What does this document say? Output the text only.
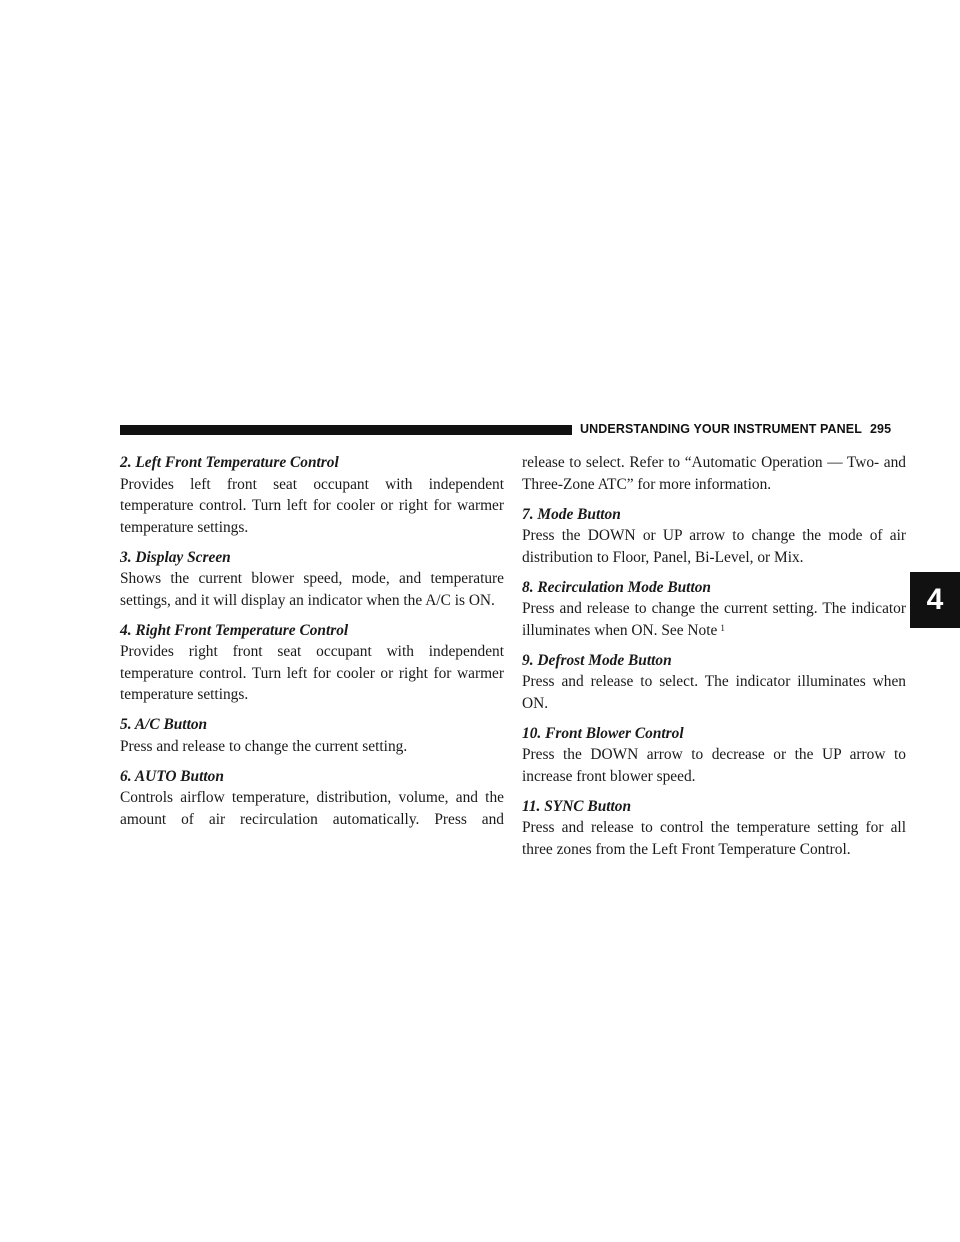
UNDERSTANDING YOUR INSTRUMENT PANEL 295
4
2. Left Front Temperature Control

Provides left front seat occupant with independent temperature control. Turn left for cooler or right for warmer temperature settings.

3. Display Screen

Shows the current blower speed, mode, and temperature settings, and it will display an indicator when the A/C is ON.

4. Right Front Temperature Control

Provides right front seat occupant with independent temperature control. Turn left for cooler or right for warmer temperature settings.

5. A/C Button

Press and release to change the current setting.

6. AUTO Button

Controls airflow temperature, distribution, volume, and the amount of air recirculation automatically. Press and

release to select. Refer to “Automatic Operation — Two- and Three-Zone ATC” for more information.

7. Mode Button

Press the DOWN or UP arrow to change the mode of air distribution to Floor, Panel, Bi-Level, or Mix.

8. Recirculation Mode Button

Press and release to change the current setting. The indicator illuminates when ON. See Note $^1$

9. Defrost Mode Button

Press and release to select. The indicator illuminates when ON.

10. Front Blower Control

Press the DOWN arrow to decrease or the UP arrow to increase front blower speed.

11. SYNC Button

Press and release to control the temperature setting for all three zones from the Left Front Temperature Control.
